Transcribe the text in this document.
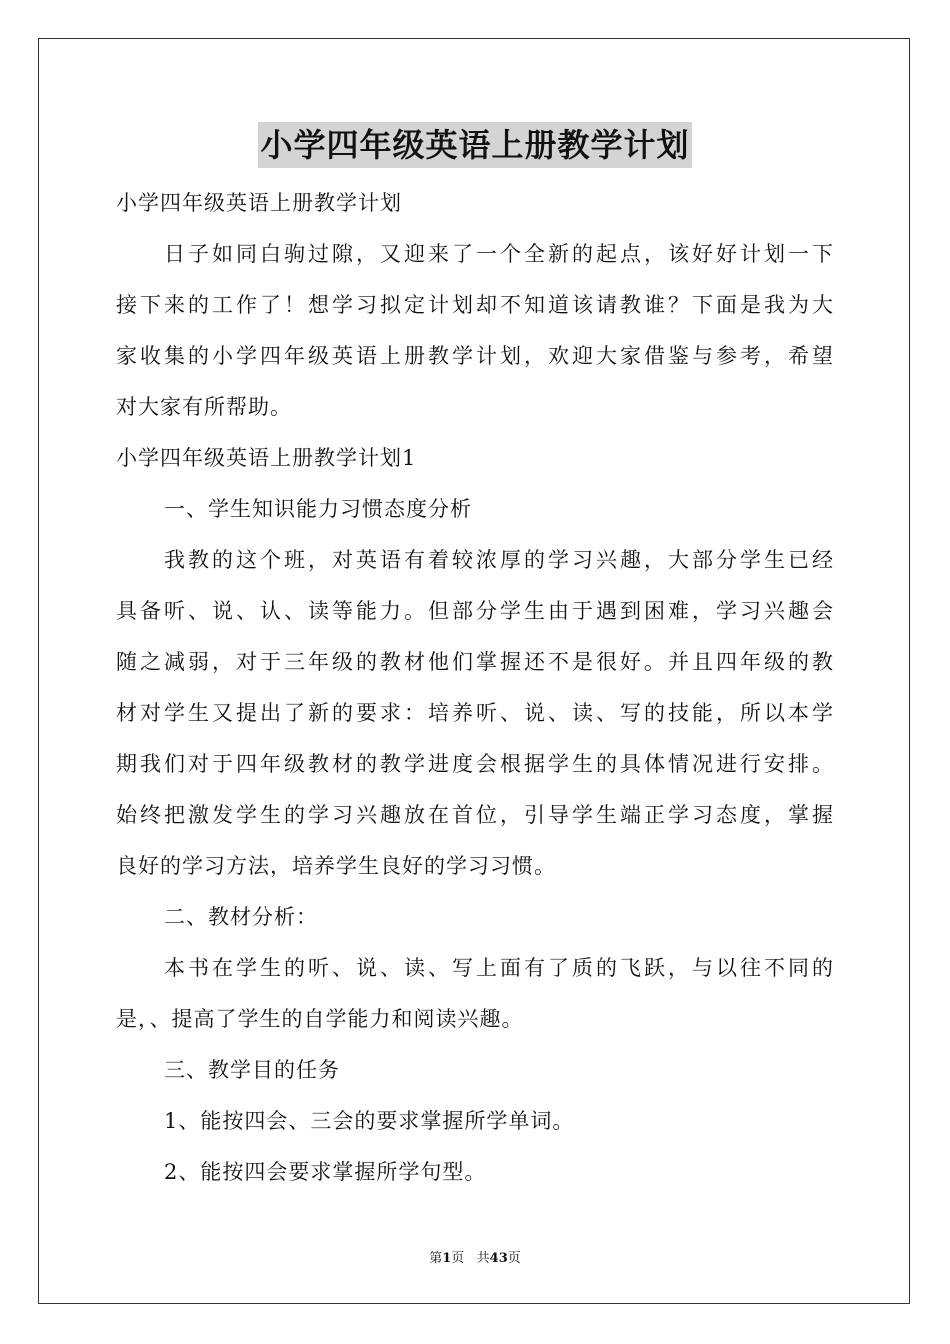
小学四年级英语上册教学计划
小学四年级英语上册教学计划
日子如同白驹过隙，又迎来了一个全新的起点，该好好计划一下
接下来的工作了！想学习拟定计划却不知道该请教谁？下面是我为大
家收集的小学四年级英语上册教学计划，欢迎大家借鉴与参考，希望
对大家有所帮助。
小学四年级英语上册教学计划1
一、学生知识能力习惯态度分析
我教的这个班，对英语有着较浓厚的学习兴趣，大部分学生已经
具备听、说、认、读等能力。但部分学生由于遇到困难，学习兴趣会
随之减弱，对于三年级的教材他们掌握还不是很好。并且四年级的教
材对学生又提出了新的要求：培养听、说、读、写的技能，所以本学
期我们对于四年级教材的教学进度会根据学生的具体情况进行安排。
始终把激发学生的学习兴趣放在首位，引导学生端正学习态度，掌握
良好的学习方法，培养学生良好的学习习惯。
二、教材分析：
本书在学生的听、说、读、写上面有了质的飞跃，与以往不同的
是，、提高了学生的自学能力和阅读兴趣。
三、教学目的任务
1、能按四会、三会的要求掌握所学单词。
2、能按四会要求掌握所学句型。
第1页   共43页
